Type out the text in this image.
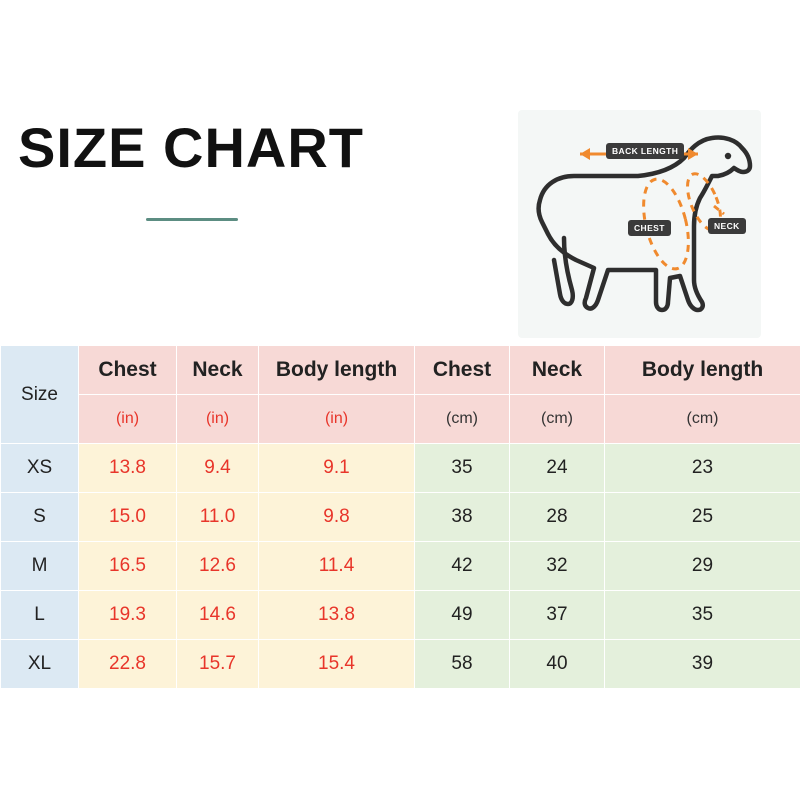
SIZE CHART	BACK LENGTH
CHEST	NECK
Size	Chest	Neck	Body length	Chest	Neck	Body length
	(in)	(in)	(in)	(cm)	(cm)	(cm)
XS	13.8	9.4	9.1	35	24	23
S	15.0	11.0	9.8	38	28	25
M	16.5	12.6	11.4	42	32	29
L	19.3	14.6	13.8	49	37	35
XL	22.8	15.7	15.4	58	40	39
